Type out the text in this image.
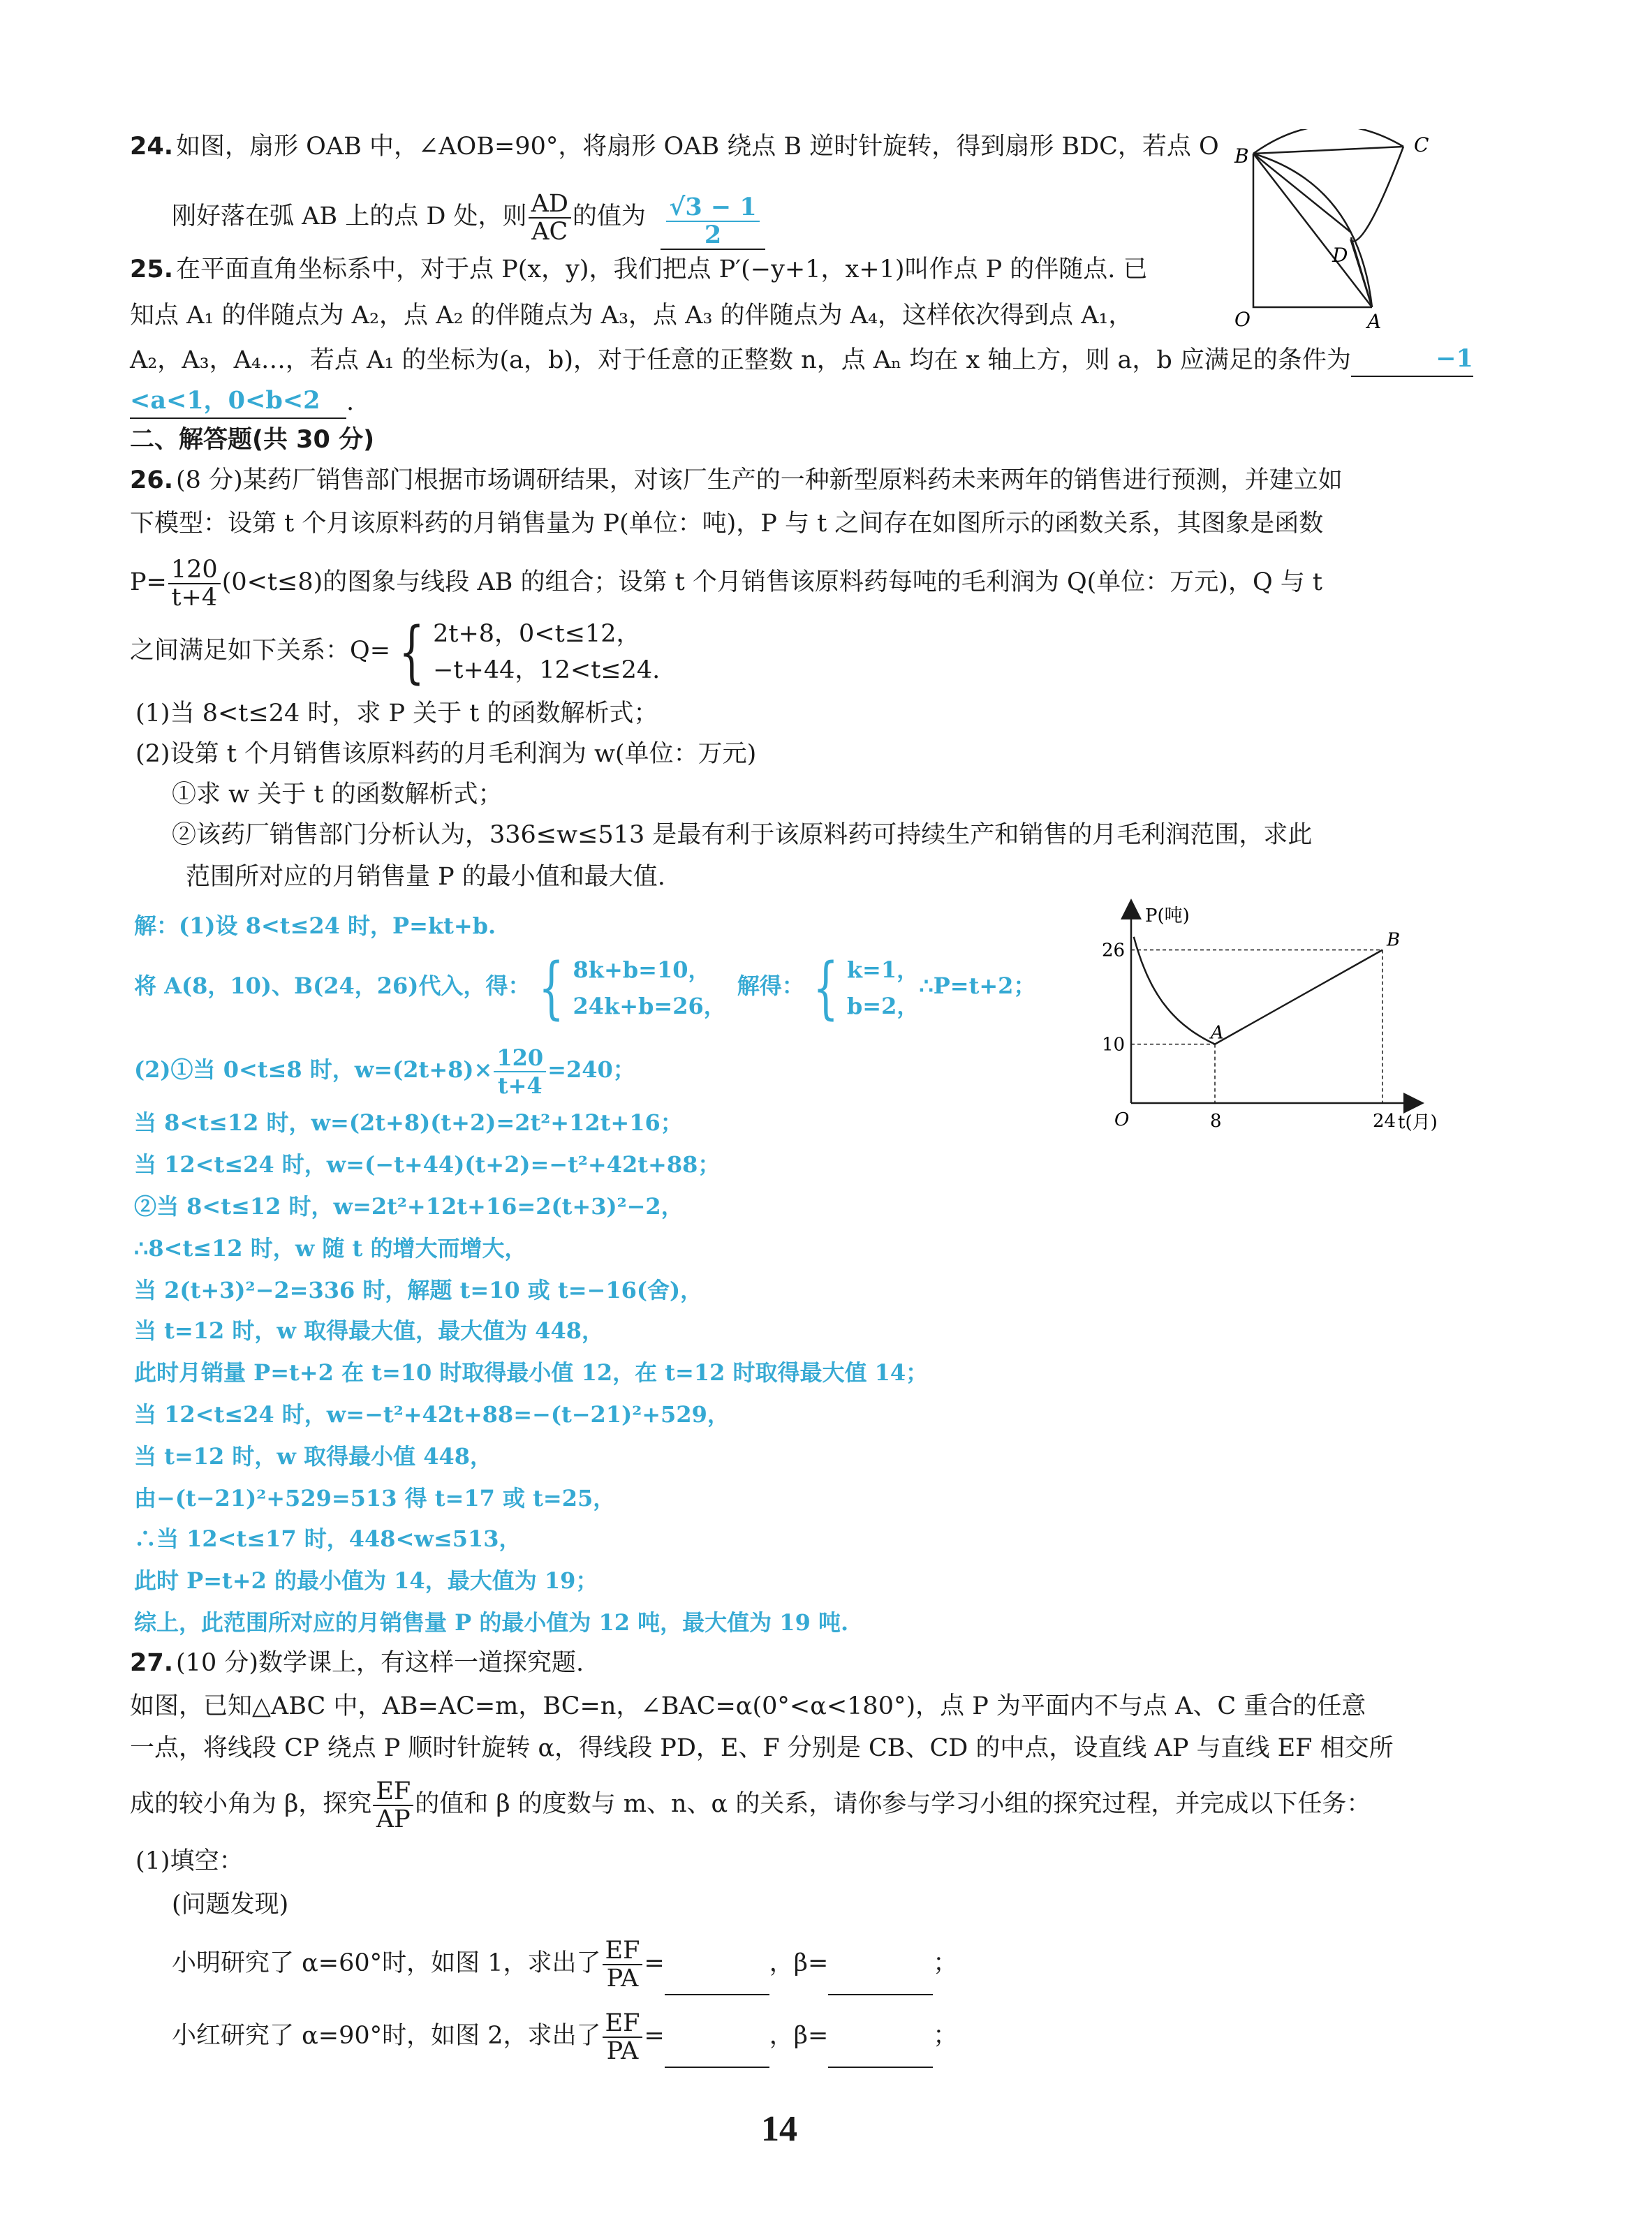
24. 如图，扇形 OAB 中，∠AOB=90°，将扇形 OAB 绕点 B 逆时针旋转，得到扇形 BDC，若点 O
刚好落在弧 AB 上的点 D 处，则 $\frac{AD}{AC}$ 的值为 $\frac{√3 - 1}{2}$
B	C
D
O	A
25. 在平面直角坐标系中，对于点 P(x，y)，我们把点 P′(−y+1，x+1)叫作点 P 的伴随点. 已
知点 A₁ 的伴随点为 A₂，点 A₂ 的伴随点为 A₃，点 A₃ 的伴随点为 A₄，这样依次得到点 A₁，
A₂，A₃，A₄…，若点 A₁ 的坐标为(a，b)，对于任意的正整数 n，点 Aₙ 均在 x 轴上方，则 a，b 应满足的条件为	−1
<a<1，0<b<2 .
二、解答题(共 30 分)
26. (8 分)某药厂销售部门根据市场调研结果，对该厂生产的一种新型原料药未来两年的销售进行预测，并建立如
下模型：设第 t 个月该原料药的月销售量为 P(单位：吨)，P 与 t 之间存在如图所示的函数关系，其图象是函数
$P= \frac{120}{t+4} (0<t\le 8)$的图象与线段 AB 的组合；设第 t 个月销售该原料药每吨的毛利润为 Q(单位：万元)，Q 与 t
之间满足如下关系：Q= { 2t+8，0<t≤12，
−t+44，12<t≤24.
(1)当 8<t≤24 时，求 P 关于 t 的函数解析式；
(2)设第 t 个月销售该原料药的月毛利润为 w(单位：万元)
①求 w 关于 t 的函数解析式；
②该药厂销售部门分析认为，336≤w≤513 是最有利于该原料药可持续生产和销售的月毛利润范围，求此
范围所对应的月销售量 P 的最小值和最大值.
解：(1)设 8<t≤24 时，P=kt+b.
将 A(8，10)、B(24，26)代入，得： { 8k+b=10，
24k+b=26，
解得： { k=1，
b=2，
∴P=t+2；
(2)①当 0<t≤8 时，$w=(2t+8)\times \frac{120}{t+4} =240$；
当 8<t≤12 时，w=(2t+8)(t+2)=2t²+12t+16；
当 12<t≤24 时，w=(−t+44)(t+2)=−t²+42t+88；
②当 8<t≤12 时，w=2t²+12t+16=2(t+3)²−2，
∴8<t≤12 时，w 随 t 的增大而增大，
当 2(t+3)²−2=336 时，解题 t=10 或 t=−16(舍)，
当 t=12 时，w 取得最大值，最大值为 448，
此时月销量 P=t+2 在 t=10 时取得最小值 12，在 t=12 时取得最大值 14；
当 12<t≤24 时，w=−t²+42t+88=−(t−21)²+529，
当 t=12 时，w 取得最小值 448，
由−(t−21)²+529=513 得 t=17 或 t=25，
∴当 12<t≤17 时，448<w≤513，
此时 P=t+2 的最小值为 14，最大值为 19；
综上，此范围所对应的月销售量 P 的最小值为 12 吨，最大值为 19 吨.
P(吨)
t(月)
O
A
B
8	24
10
26
27. (10 分)数学课上，有这样一道探究题.
如图，已知△ABC 中，AB=AC=m，BC=n，∠BAC=α(0°<α<180°)，点 P 为平面内不与点 A、C 重合的任意
一点，将线段 CP 绕点 P 顺时针旋转 α，得线段 PD，E、F 分别是 CB、CD 的中点，设直线 AP 与直线 EF 相交所
成的较小角为 β，探究 $\frac{EF}{AP}$ 的值和 β 的度数与 m、n、α 的关系，请你参与学习小组的探究过程，并完成以下任务：
(1)填空：
(问题发现)
小明研究了 α=60°时，如图 1，求出了 $\frac{EF}{PA}$ =	，β=	；
小红研究了 α=90°时，如图 2，求出了 $\frac{EF}{PA}$ =	，β=	；
14
